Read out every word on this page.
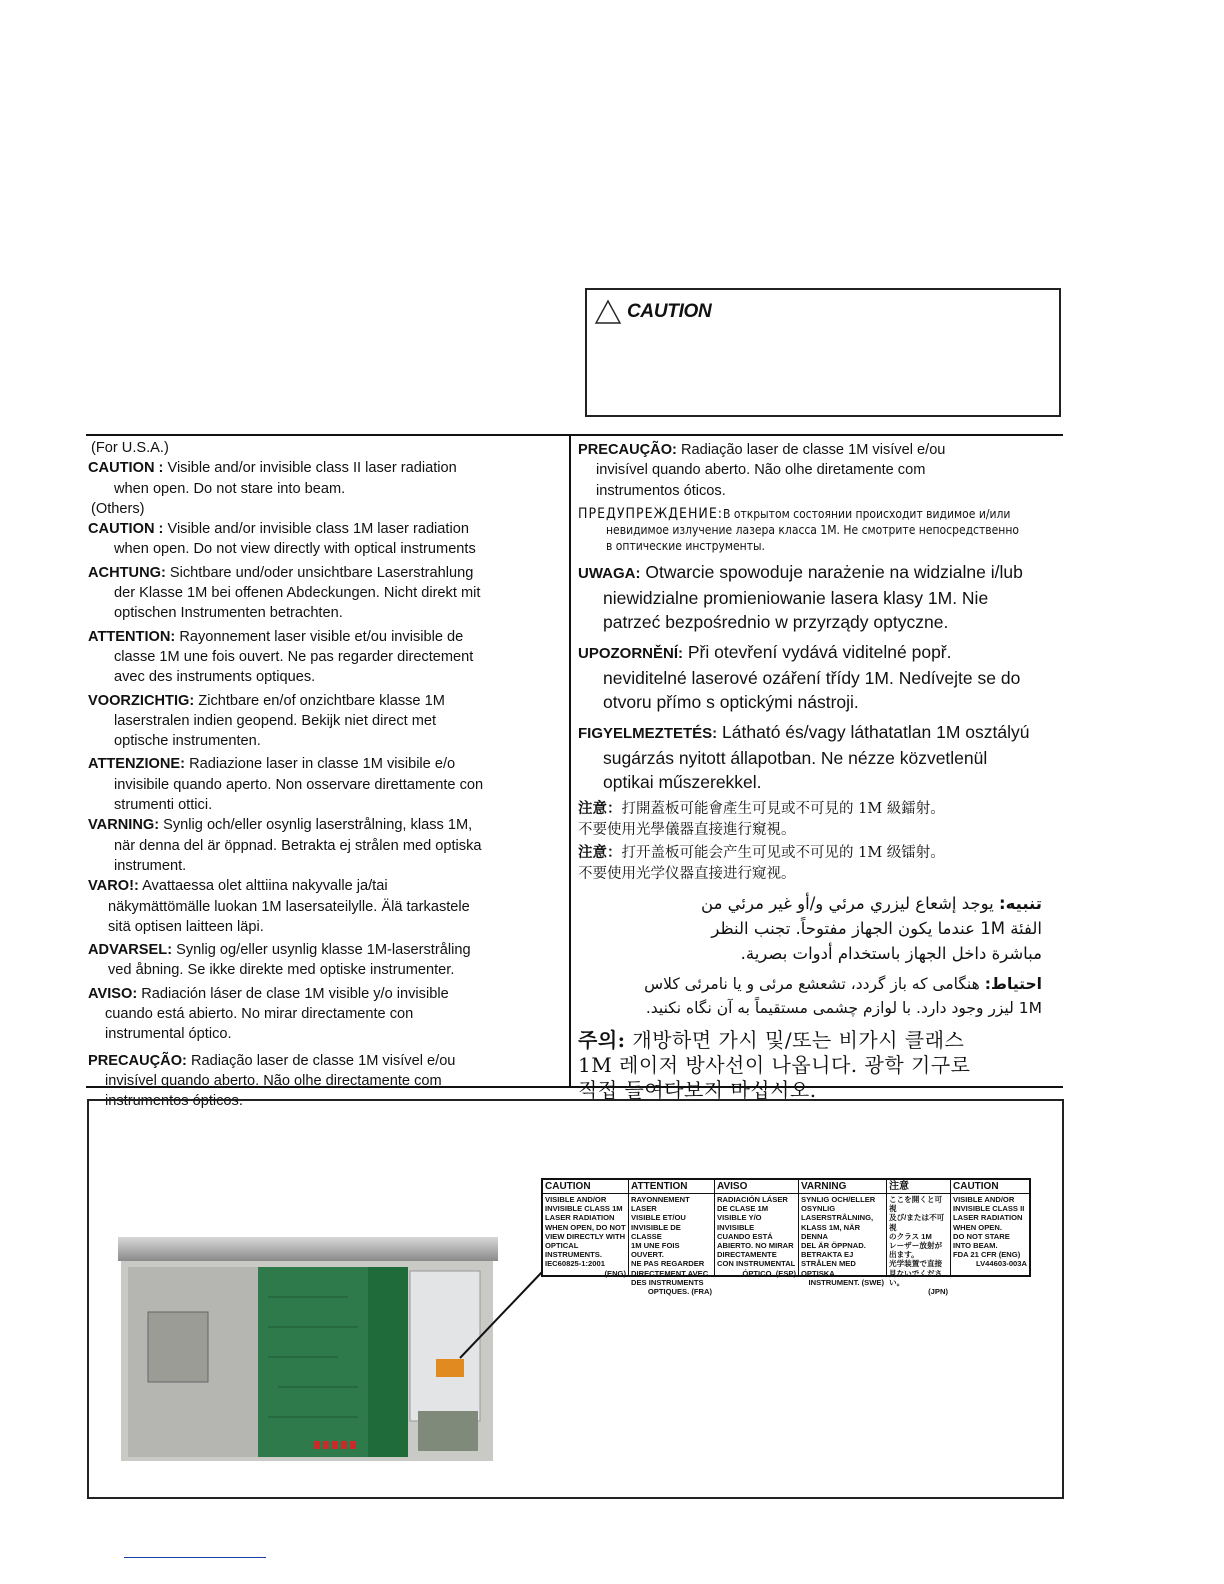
CAUTION
(For U.S.A.)
CAUTION : Visible and/or invisible class II laser radiation
when open. Do not stare into beam.
(Others)
CAUTION : Visible and/or invisible class 1M laser radiation
when open. Do not view directly with optical instruments
ACHTUNG: Sichtbare und/oder unsichtbare Laserstrahlung
der Klasse 1M bei offenen Abdeckungen. Nicht direkt mit
optischen Instrumenten betrachten.
ATTENTION: Rayonnement laser visible et/ou invisible de
classe 1M une fois ouvert. Ne pas regarder directement
avec des instruments optiques.
VOORZICHTIG: Zichtbare en/of onzichtbare klasse 1M
laserstralen indien geopend. Bekijk niet direct met
optische instrumenten.
ATTENZIONE: Radiazione laser in classe 1M visibile e/o
invisibile quando aperto. Non osservare direttamente con
strumenti ottici.
VARNING: Synlig och/eller osynlig laserstrålning, klass 1M,
när denna del är öppnad. Betrakta ej strålen med optiska
instrument.
VARO!: Avattaessa olet alttiina nakyvalle ja/tai
näkymättömälle luokan 1M lasersateilylle. Älä tarkastele
sitä optisen laitteen läpi.
ADVARSEL: Synlig og/eller usynlig klasse 1M-laserstråling
ved åbning. Se ikke direkte med optiske instrumenter.
AVISO: Radiación láser de clase 1M visible y/o invisible
cuando está abierto. No mirar directamente con
instrumental óptico.
PRECAUÇÃO: Radiação laser de classe 1M visível e/ou
invisível quando aberto. Não olhe directamente com
instrumentos ópticos.
PRECAUÇÃO: Radiação laser de classe 1M visível e/ou
invisível quando aberto. Não olhe diretamente com
instrumentos óticos.
ПРЕДУПРЕЖДЕНИЕ:В открытом состоянии происходит видимое и/или
невидимое излучение лазера класса 1M. Не смотрите непосредственно
в оптические инструменты.
UWAGA: Otwarcie spowoduje narażenie na widzialne i/lub
niewidzialne promieniowanie lasera klasy 1M. Nie
patrzeć bezpośrednio w przyrządy optyczne.
UPOZORNĚNÍ: Při otevření vydává viditelné popř.
neviditelné laserové ozáření třídy 1M. Nedívejte se do
otvoru přímo s optickými nástroji.
FIGYELMEZTETÉS: Látható és/vagy láthatatlan 1M osztályú
sugárzás nyitott állapotban. Ne nézze közvetlenül
optikai műszerekkel.
注意：打開蓋板可能會產生可見或不可見的 1M 級鐳射。
不要使用光學儀器直接進行窺視。
注意：打开盖板可能会产生可见或不可见的 1M 级镭射。
不要使用光学仪器直接进行窥视。
تنبيه: يوجد إشعاع ليزري مرئي و/أو غير مرئي من
الفئة 1M عندما يكون الجهاز مفتوحاً. تجنب النظر
مباشرة داخل الجهاز باستخدام أدوات بصرية.
احتیاط: هنگامی که باز گردد، تشعشع مرئی و یا نامرئی کلاس
1M لیزر وجود دارد. با لوازم چشمی مستقیماً به آن نگاه نکنید.
주의: 개방하면 가시 및/또는 비가시 클래스
1M 레이저 방사선이 나옵니다. 광학 기구로
직접 들여다보지 마십시오.
CAUTION
VISIBLE AND/OR
INVISIBLE CLASS 1M
LASER RADIATION
WHEN OPEN, DO NOT
VIEW DIRECTLY WITH
OPTICAL INSTRUMENTS.
IEC60825-1:2001
(ENG)
ATTENTION
RAYONNEMENT LASER
VISIBLE ET/OU
INVISIBLE DE CLASSE
1M UNE FOIS OUVERT.
NE PAS REGARDER
DIRECTEMENT AVEC
DES INSTRUMENTS
OPTIQUES. (FRA)
AVISO
RADIACIÓN LÁSER
DE CLASE 1M
VISIBLE Y/O INVISIBLE
CUANDO ESTÁ
ABIERTO. NO MIRAR
DIRECTAMENTE
CON INSTRUMENTAL
ÓPTICO. (ESP)
VARNING
SYNLIG OCH/ELLER
OSYNLIG
LASERSTRÅLNING,
KLASS 1M, NÄR DENNA
DEL ÄR ÖPPNAD.
BETRAKTA EJ
STRÅLEN MED OPTISKA
INSTRUMENT. (SWE)
注意
ここを開くと可視
及び/または不可視
のクラス 1M
レーザー放射が
出ます。
光学装置で直接
見ないでください。
(JPN)
CAUTION
VISIBLE AND/OR
INVISIBLE CLASS II
LASER RADIATION
WHEN OPEN.
DO NOT STARE
INTO BEAM.
FDA 21 CFR (ENG)
LV44603-003A
